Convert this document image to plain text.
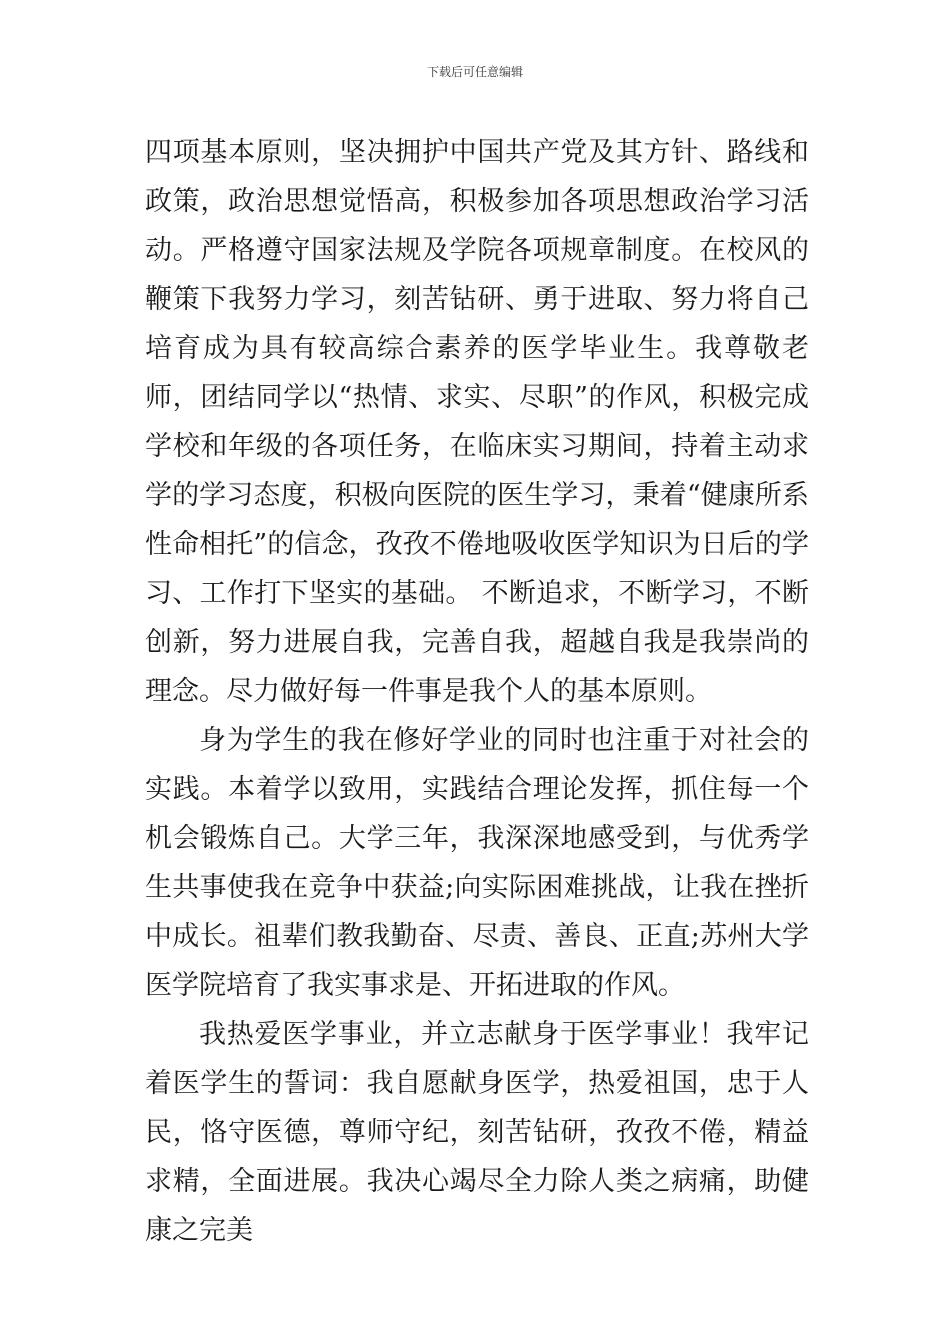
下载后可任意编辑

四项基本原则，坚决拥护中国共产党及其方针、路线和政策，政治思想觉悟高，积极参加各项思想政治学习活动。严格遵守国家法规及学院各项规章制度。在校风的鞭策下我努力学习，刻苦钻研、勇于进取、努力将自己培育成为具有较高综合素养的医学毕业生。我尊敬老师，团结同学以“热情、求实、尽职”的作风，积极完成学校和年级的各项任务，在临床实习期间，持着主动求学的学习态度，积极向医院的医生学习，秉着“健康所系性命相托”的信念，孜孜不倦地吸收医学知识为日后的学习、工作打下坚实的基础。 不断追求，不断学习，不断创新，努力进展自我，完善自我，超越自我是我崇尚的理念。尽力做好每一件事是我个人的基本原则。

身为学生的我在修好学业的同时也注重于对社会的实践。本着学以致用，实践结合理论发挥，抓住每一个机会锻炼自己。大学三年，我深深地感受到，与优秀学生共事使我在竞争中获益;向实际困难挑战，让我在挫折中成长。祖辈们教我勤奋、尽责、善良、正直;苏州大学医学院培育了我实事求是、开拓进取的作风。

我热爱医学事业，并立志献身于医学事业！我牢记着医学生的誓词：我自愿献身医学，热爱祖国，忠于人民，恪守医德，尊师守纪，刻苦钻研，孜孜不倦，精益求精，全面进展。我决心竭尽全力除人类之病痛，助健康之完美
